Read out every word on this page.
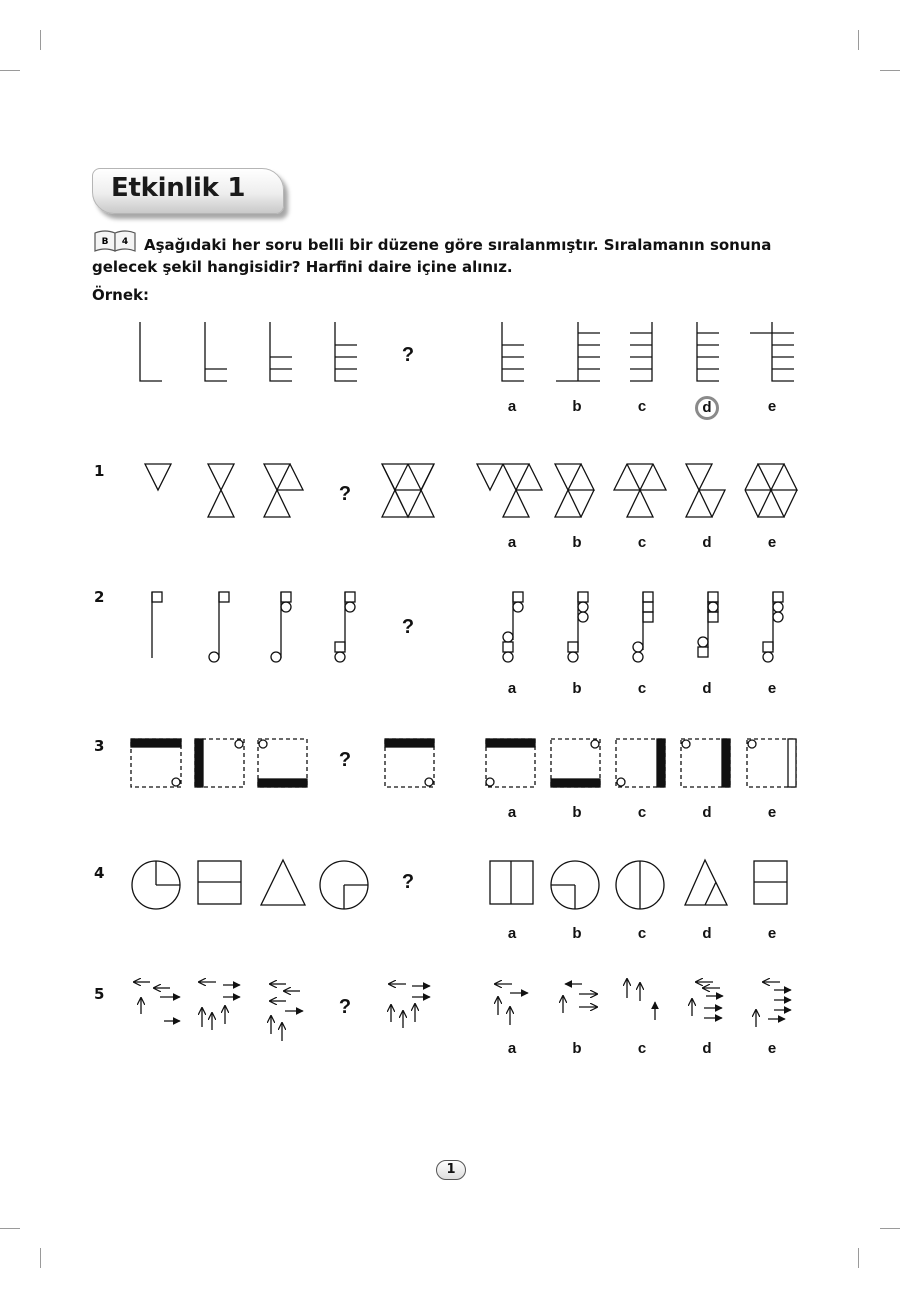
Etkinlik 1
B 4	Aşağıdaki her soru belli bir düzene göre sıralanmıştır. Sıralamanın sonuna gelecek şekil hangisidir? Harfini daire içine alınız.

Örnek:
1
2
3
4
5
?
?
?
?
?
?
a	b	c	d	e
a	b	c	d	e
a	b	c	d	e
a	b	c	d	e
a	b	c	d	e
a	b	c	d	e
1
